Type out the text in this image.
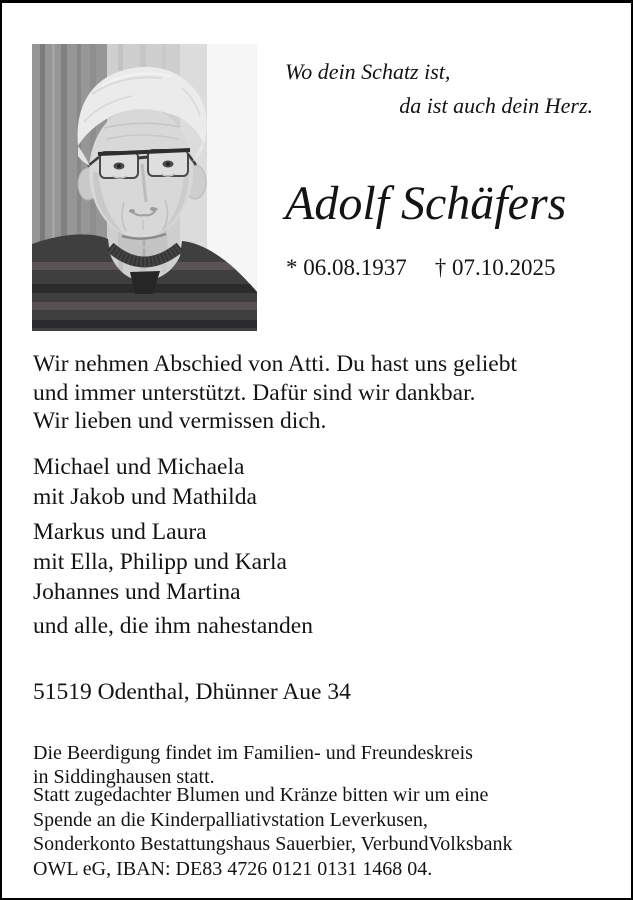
Wo dein Schatz ist,
da ist auch dein Herz.
Adolf Schäfers
* 06.08.1937 † 07.10.2025
Wir nehmen Abschied von Atti. Du hast uns geliebt
und immer unterstützt. Dafür sind wir dankbar.
Wir lieben und vermissen dich.
Michael und Michaela
mit Jakob und Mathilda
Markus und Laura
mit Ella, Philipp und Karla
Johannes und Martina
und alle, die ihm nahestanden
51519 Odenthal, Dhünner Aue 34
Die Beerdigung findet im Familien- und Freundeskreis
in Siddinghausen statt.
Statt zugedachter Blumen und Kränze bitten wir um eine
Spende an die Kinderpalliativstation Leverkusen,
Sonderkonto Bestattungshaus Sauerbier, VerbundVolksbank
OWL eG, IBAN: DE83 4726 0121 0131 1468 04.
